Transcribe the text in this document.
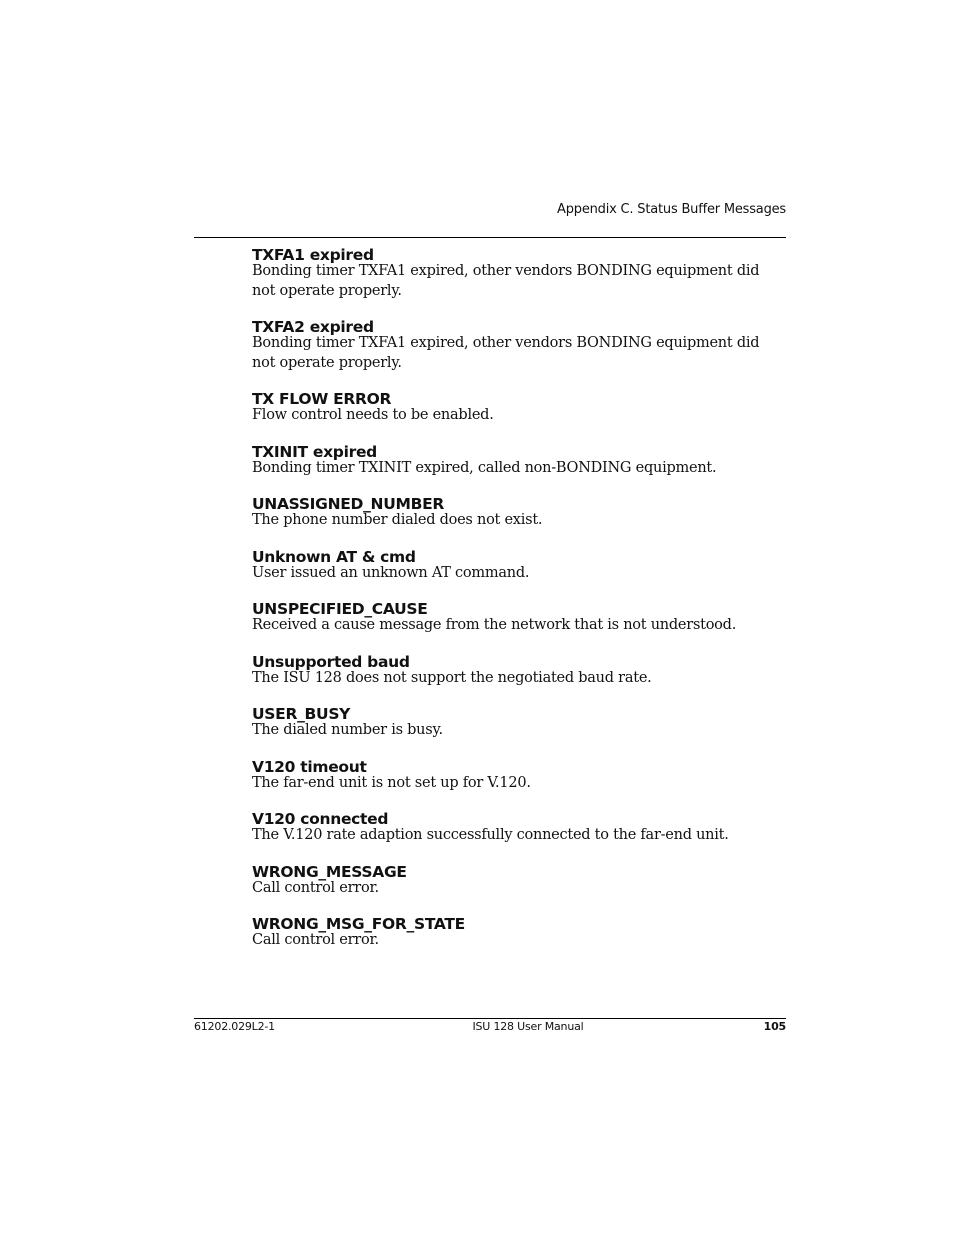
Appendix C. Status Buffer Messages
TXFA1 expired
Bonding timer TXFA1 expired, other vendors BONDING equipment did not operate properly.
TXFA2 expired
Bonding timer TXFA1 expired, other vendors BONDING equipment did not operate properly.
TX FLOW ERROR
Flow control needs to be enabled.
TXINIT expired
Bonding timer TXINIT expired, called non-BONDING equipment.
UNASSIGNED_NUMBER
The phone number dialed does not exist.
Unknown AT & cmd
User issued an unknown AT command.
UNSPECIFIED_CAUSE
Received a cause message from the network that is not understood.
Unsupported baud
The ISU 128 does not support the negotiated baud rate.
USER_BUSY
The dialed number is busy.
V120 timeout
The far-end unit is not set up for V.120.
V120 connected
The V.120 rate adaption successfully connected to the far-end unit.
WRONG_MESSAGE
Call control error.
WRONG_MSG_FOR_STATE
Call control error.
61202.029L2-1	ISU 128 User Manual	105
